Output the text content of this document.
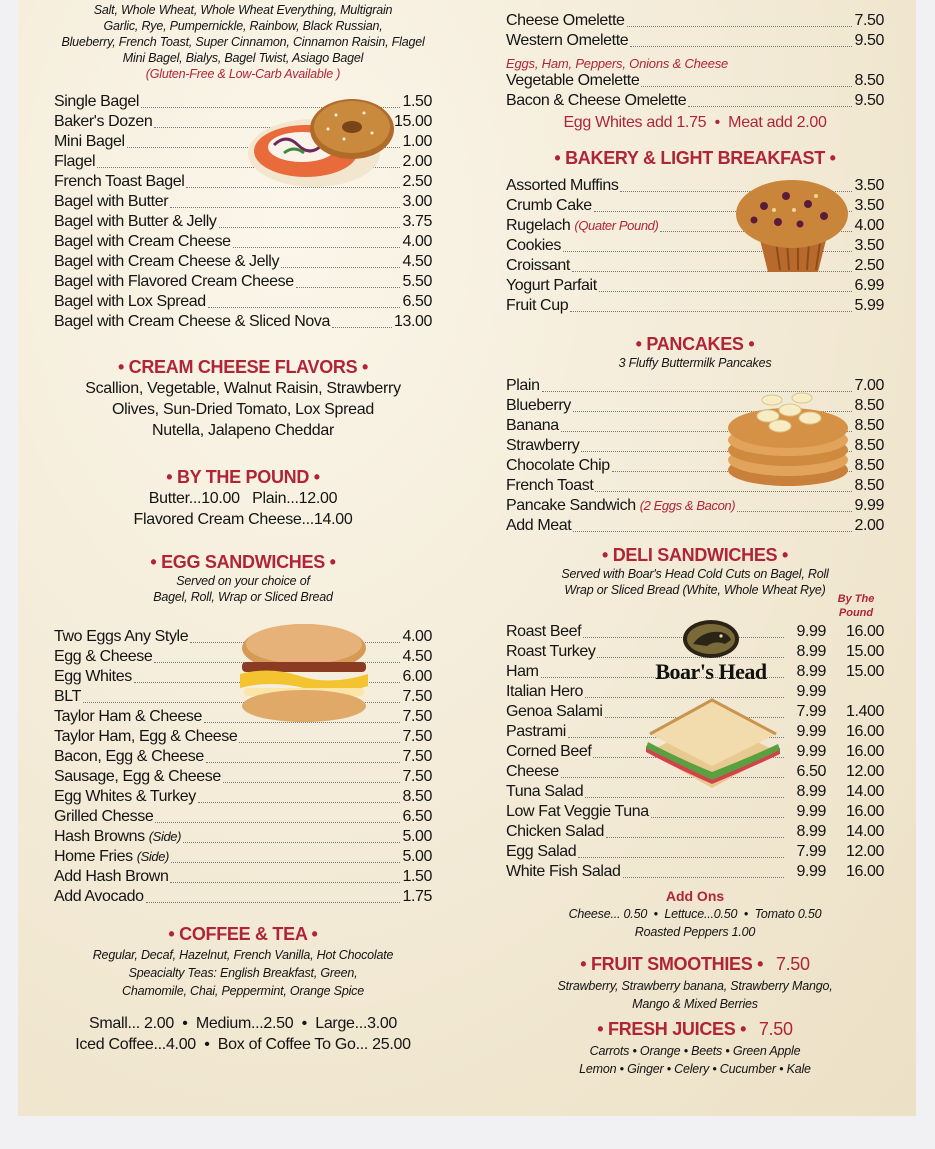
Salt, Whole Wheat, Whole Wheat Everything, Multigrain
Garlic, Rye, Pumpernickle, Rainbow, Black Russian,
Blueberry, French Toast, Super Cinnamon, Cinnamon Raisin, Flagel
Mini Bagel, Bialys, Bagel Twist, Asiago Bagel
(Gluten-Free & Low-Carb Available )
Single Bagel	1.50
Baker's Dozen	15.00
Mini Bagel	1.00
Flagel	2.00
French Toast Bagel	2.50
Bagel with Butter	3.00
Bagel with Butter & Jelly	3.75
Bagel with Cream Cheese	4.00
Bagel with Cream Cheese & Jelly	4.50
Bagel with Flavored Cream Cheese	5.50
Bagel with Lox Spread	6.50
Bagel with Cream Cheese & Sliced Nova	13.00
• CREAM CHEESE FLAVORS •
Scallion, Vegetable, Walnut Raisin, Strawberry
Olives, Sun-Dried Tomato, Lox Spread
Nutella, Jalapeno Cheddar
• BY THE POUND •
Butter...10.00   Plain...12.00
Flavored Cream Cheese...14.00
• EGG SANDWICHES •
Served on your choice of
Bagel, Roll, Wrap or Sliced Bread
Two Eggs Any Style	4.00
Egg & Cheese	4.50
Egg Whites	6.00
BLT	7.50
Taylor Ham & Cheese	7.50
Taylor Ham, Egg & Cheese	7.50
Bacon, Egg & Cheese	7.50
Sausage, Egg & Cheese	7.50
Egg Whites & Turkey	8.50
Grilled Chesse	6.50
Hash Browns (Side)	5.00
Home Fries (Side)	5.00
Add Hash Brown	1.50
Add Avocado	1.75
• COFFEE & TEA •
Regular, Decaf, Hazelnut, French Vanilla, Hot Chocolate
Speacialty Teas: English Breakfast, Green,
Chamomile, Chai, Peppermint, Orange Spice
Small... 2.00  •  Medium...2.50  •  Large...3.00
Iced Coffee...4.00  •  Box of Coffee To Go... 25.00
Cheese Omelette	7.50
Western Omelette	9.50
Vegetable Omelette	8.50
Bacon & Cheese Omelette	9.50
Eggs, Ham, Peppers, Onions & Cheese
Egg Whites add 1.75  •  Meat add 2.00
• BAKERY & LIGHT BREAKFAST •
Assorted Muffins	3.50
Crumb Cake	3.50
Rugelach (Quater Pound)	4.00
Cookies	3.50
Croissant	2.50
Yogurt Parfait	6.99
Fruit Cup	5.99
• PANCAKES •
3 Fluffy Buttermilk Pancakes
Plain	7.00
Blueberry	8.50
Banana	8.50
Strawberry	8.50
Chocolate Chip	8.50
French Toast	8.50
Pancake Sandwich (2 Eggs & Bacon)	9.99
Add Meat	2.00
• DELI SANDWICHES •
Served with Boar's Head Cold Cuts on Bagel, Roll
Wrap or Sliced Bread (White, Whole Wheat Rye)
By The
Pound
Roast Beef	9.99	16.00
Roast Turkey	8.99	15.00
Ham	8.99	15.00
Italian Hero	9.99
Genoa Salami	7.99	1.400
Pastrami	9.99	16.00
Corned Beef	9.99	16.00
Cheese	6.50	12.00
Tuna Salad	8.99	14.00
Low Fat Veggie Tuna	9.99	16.00
Chicken Salad	8.99	14.00
Egg Salad	7.99	12.00
White Fish Salad	9.99	16.00
Boar's Head
Add Ons
Cheese... 0.50  •  Lettuce...0.50  •  Tomato 0.50
Roasted Peppers 1.00
• FRUIT SMOOTHIES • 7.50
Strawberry, Strawberry banana, Strawberry Mango,
Mango & Mixed Berries
• FRESH JUICES • 7.50
Carrots • Orange • Beets • Green Apple
Lemon • Ginger • Celery • Cucumber • Kale
